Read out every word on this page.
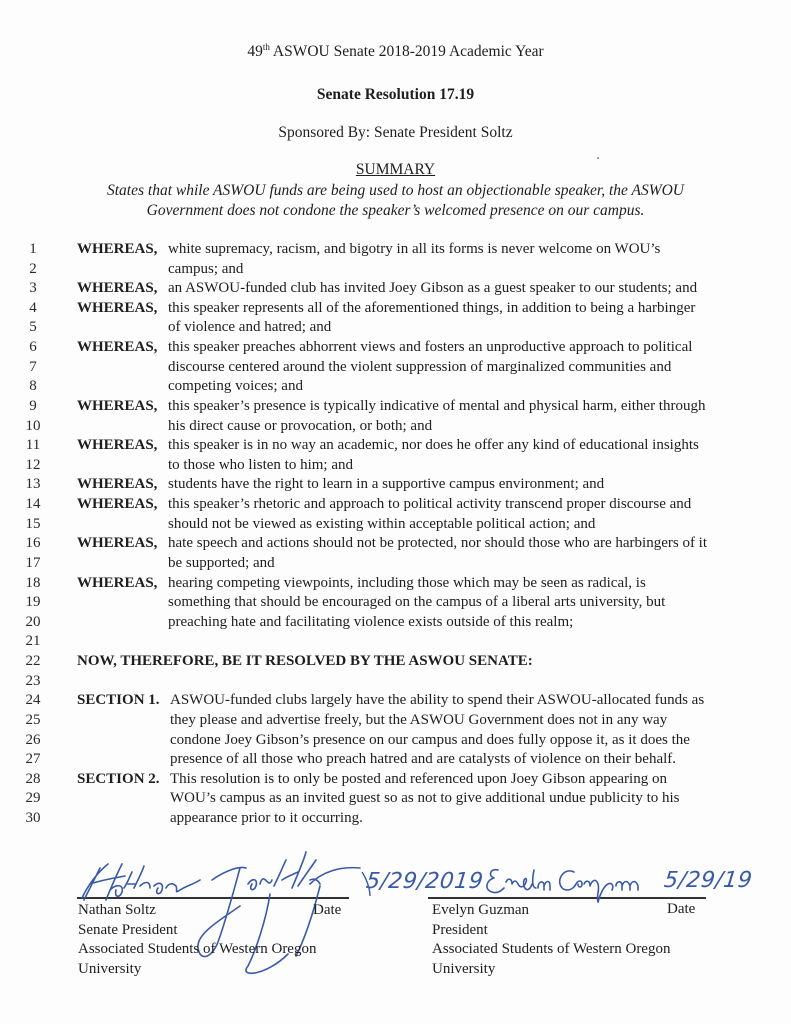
49th ASWOU Senate 2018-2019 Academic Year
Senate Resolution 17.19
Sponsored By: Senate President Soltz
SUMMARY
States that while ASWOU funds are being used to host an objectionable speaker, the ASWOU
Government does not condone the speaker’s welcomed presence on our campus.
1	WHEREAS, white supremacy, racism, and bigotry in all its forms is never welcome on WOU’s
2	campus; and
3	WHEREAS, an ASWOU-funded club has invited Joey Gibson as a guest speaker to our students; and
4	WHEREAS, this speaker represents all of the aforementioned things, in addition to being a harbinger
5	of violence and hatred; and
6	WHEREAS, this speaker preaches abhorrent views and fosters an unproductive approach to political
7	discourse centered around the violent suppression of marginalized communities and
8	competing voices; and
9	WHEREAS, this speaker’s presence is typically indicative of mental and physical harm, either through
10	his direct cause or provocation, or both; and
11 WHEREAS, this speaker is in no way an academic, nor does he offer any kind of educational insights
12	to those who listen to him; and
13 WHEREAS, students have the right to learn in a supportive campus environment; and
14 WHEREAS, this speaker’s rhetoric and approach to political activity transcend proper discourse and
15	should not be viewed as existing within acceptable political action; and
16 WHEREAS, hate speech and actions should not be protected, nor should those who are harbingers of it
17	be supported; and
18 WHEREAS, hearing competing viewpoints, including those which may be seen as radical, is
19	something that should be encouraged on the campus of a liberal arts university, but
20	preaching hate and facilitating violence exists outside of this realm;
21
22 NOW, THEREFORE, BE IT RESOLVED BY THE ASWOU SENATE:
23
24 SECTION 1. ASWOU-funded clubs largely have the ability to spend their ASWOU-allocated funds as
25	they please and advertise freely, but the ASWOU Government does not in any way
26	condone Joey Gibson’s presence on our campus and does fully oppose it, as it does the
27	presence of all those who preach hatred and are catalysts of violence on their behalf.
28 SECTION 2. This resolution is to only be posted and referenced upon Joey Gibson appearing on
29	WOU’s campus as an invited guest so as not to give additional undue publicity to his
30	appearance prior to it occurring.
5/29/2019	5/29/19
Nathan Soltz
Senate President
Associated Students of Western Oregon
University
Date	Evelyn Guzman
President
Associated Students of Western Oregon
University
Date
